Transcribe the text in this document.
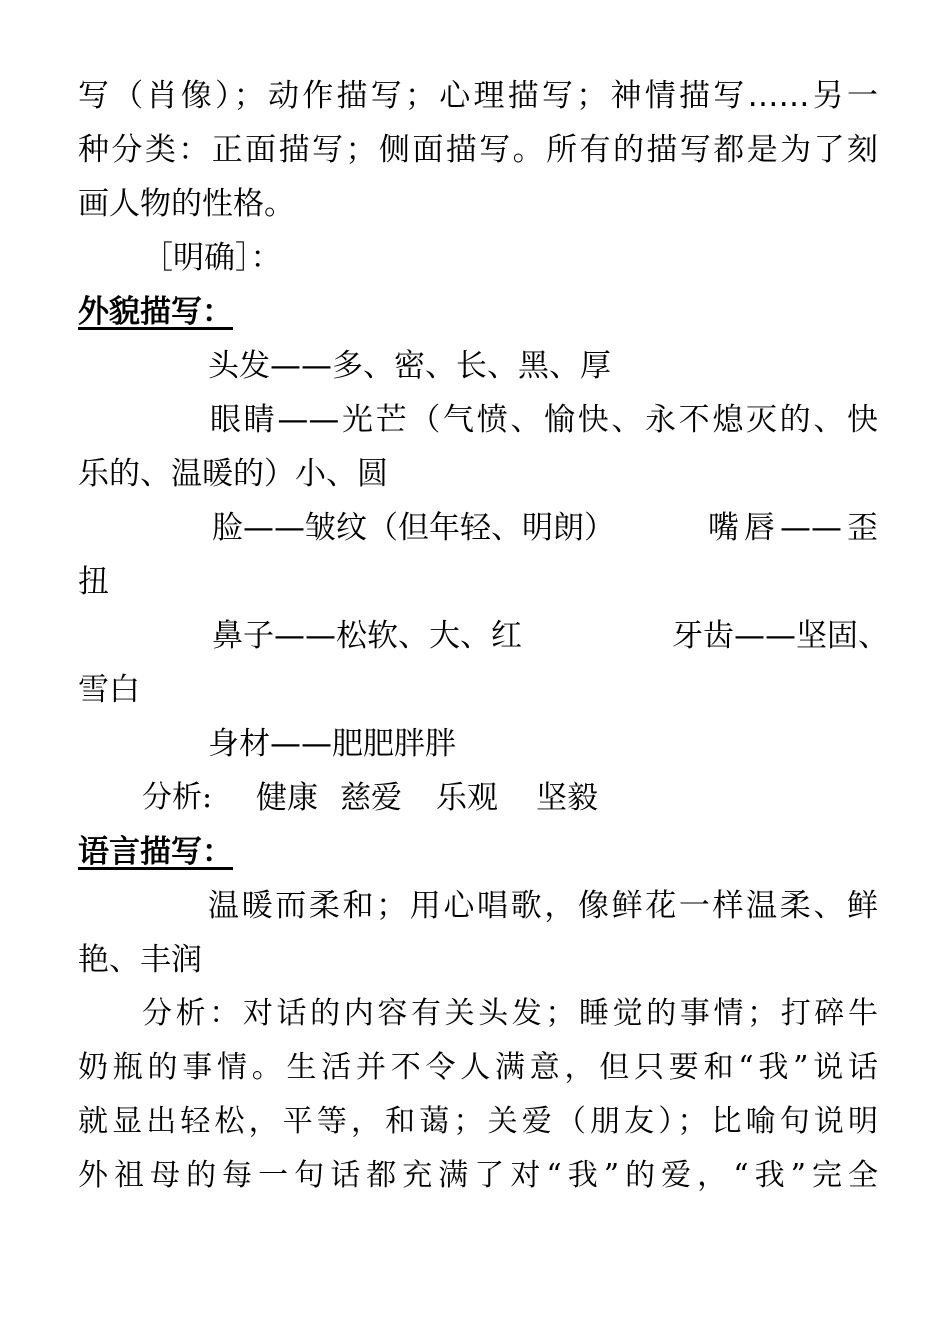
写（肖像）；动作描写；心理描写；神情描写……另一
种分类：正面描写；侧面描写。所有的描写都是为了刻
画人物的性格。
［明确］：
外貌描写：
头发——多、密、长、黑、厚
眼睛——光芒（气愤、愉快、永不熄灭的、快
乐的、温暖的）小、圆
脸——皱纹（但年轻、明朗）	嘴唇——歪
扭
鼻子——松软、大、红	牙齿——坚固、
雪白
身材——肥肥胖胖
分析:	健康 慈爱	乐观	坚毅
语言描写：
温暖而柔和；用心唱歌，像鲜花一样温柔、鲜
艳、丰润
分析：对话的内容有关头发；睡觉的事情；打碎牛
奶瓶的事情。生活并不令人满意，但只要和“我”说话
就显出轻松，平等，和蔼；关爱（朋友）；比喻句说明
外祖母的每一句话都充满了对“我”的爱，“我”完全
